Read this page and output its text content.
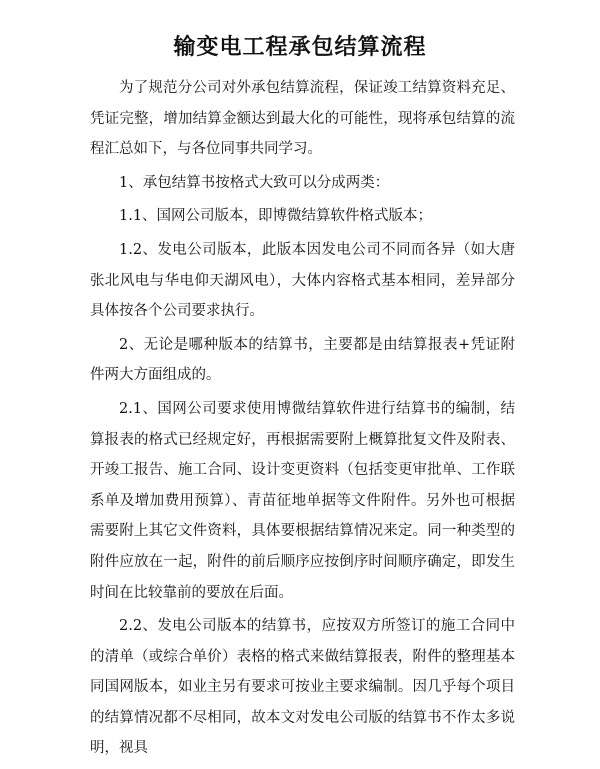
输变电工程承包结算流程

为了规范分公司对外承包结算流程，保证竣工结算资料充足、凭证完整，增加结算金额达到最大化的可能性，现将承包结算的流程汇总如下，与各位同事共同学习。

1、承包结算书按格式大致可以分成两类：

1.1、国网公司版本，即博微结算软件格式版本；

1.2、发电公司版本，此版本因发电公司不同而各异（如大唐张北风电与华电仰天湖风电），大体内容格式基本相同，差异部分具体按各个公司要求执行。

2、无论是哪种版本的结算书，主要都是由结算报表+凭证附件两大方面组成的。

2.1、国网公司要求使用博微结算软件进行结算书的编制，结算报表的格式已经规定好，再根据需要附上概算批复文件及附表、开竣工报告、施工合同、设计变更资料（包括变更审批单、工作联系单及增加费用预算）、青苗征地单据等文件附件。另外也可根据需要附上其它文件资料，具体要根据结算情况来定。同一种类型的附件应放在一起，附件的前后顺序应按倒序时间顺序确定，即发生时间在比较靠前的要放在后面。

2.2、发电公司版本的结算书，应按双方所签订的施工合同中的清单（或综合单价）表格的格式来做结算报表，附件的整理基本同国网版本，如业主另有要求可按业主要求编制。因几乎每个项目的结算情况都不尽相同，故本文对发电公司版的结算书不作太多说明，视具
